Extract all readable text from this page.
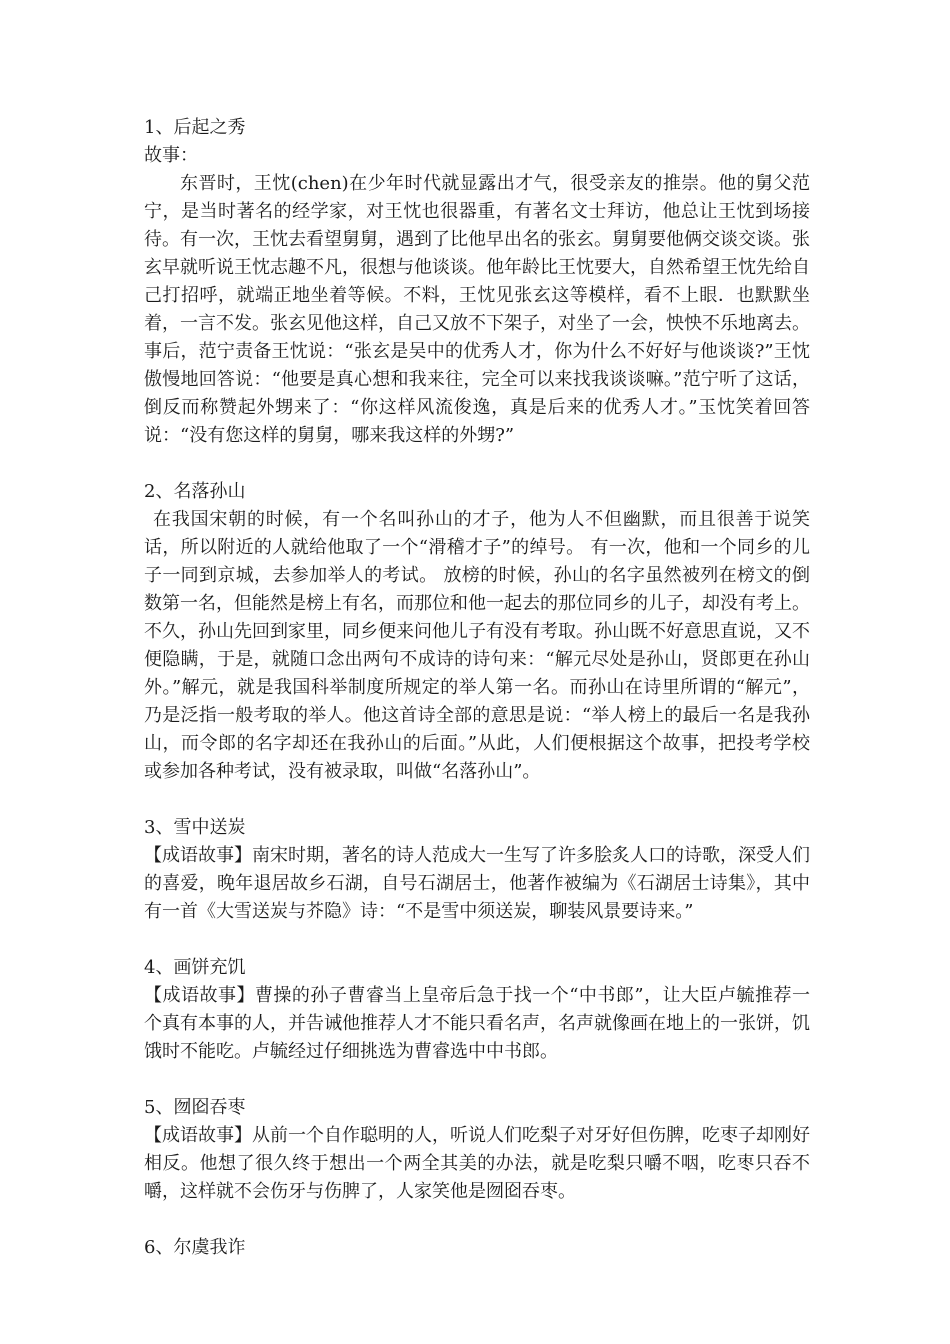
1、后起之秀

故事：

东晋时，王忱(chen)在少年时代就显露出才气，很受亲友的推崇。他的舅父范宁，是当时著名的经学家，对王忱也很器重，有著名文士拜访，他总让王忱到场接待。有一次，王忱去看望舅舅，遇到了比他早出名的张玄。舅舅要他俩交谈交谈。张玄早就听说王忱志趣不凡，很想与他谈谈。他年龄比王忱要大，自然希望王忱先给自己打招呼，就端正地坐着等候。不料，王忱见张玄这等模样，看不上眼．也默默坐着，一言不发。张玄见他这样，自己又放不下架子，对坐了一会，怏怏不乐地离去。事后，范宁责备王忱说：“张玄是吴中的优秀人才，你为什么不好好与他谈谈?”王忱傲慢地回答说：“他要是真心想和我来往，完全可以来找我谈谈嘛。”范宁听了这话，倒反而称赞起外甥来了：“你这样风流俊逸，真是后来的优秀人才。”玉忱笑着回答说：“没有您这样的舅舅，哪来我这样的外甥?”

2、名落孙山

在我国宋朝的时候，有一个名叫孙山的才子，他为人不但幽默，而且很善于说笑话，所以附近的人就给他取了一个“滑稽才子”的绰号。 有一次，他和一个同乡的儿子一同到京城，去参加举人的考试。 放榜的时候，孙山的名字虽然被列在榜文的倒数第一名，但能然是榜上有名，而那位和他一起去的那位同乡的儿子，却没有考上。 不久，孙山先回到家里，同乡便来问他儿子有没有考取。孙山既不好意思直说，又不便隐瞒，于是，就随口念出两句不成诗的诗句来：“解元尽处是孙山，贤郎更在孙山外。”解元，就是我国科举制度所规定的举人第一名。而孙山在诗里所谓的“解元”，乃是泛指一般考取的举人。他这首诗全部的意思是说：“举人榜上的最后一名是我孙山，而令郎的名字却还在我孙山的后面。”从此，人们便根据这个故事，把投考学校或参加各种考试，没有被录取，叫做“名落孙山”。

3、雪中送炭

【成语故事】南宋时期，著名的诗人范成大一生写了许多脍炙人口的诗歌，深受人们的喜爱，晚年退居故乡石湖，自号石湖居士，他著作被编为《石湖居士诗集》，其中有一首《大雪送炭与芥隐》诗：“不是雪中须送炭，聊装风景要诗来。”

4、画饼充饥

【成语故事】曹操的孙子曹睿当上皇帝后急于找一个“中书郎”，让大臣卢毓推荐一个真有本事的人，并告诫他推荐人才不能只看名声，名声就像画在地上的一张饼，饥饿时不能吃。卢毓经过仔细挑选为曹睿选中中书郎。

5、囫囵吞枣

【成语故事】从前一个自作聪明的人，听说人们吃梨子对牙好但伤脾，吃枣子却刚好相反。他想了很久终于想出一个两全其美的办法，就是吃梨只嚼不咽，吃枣只吞不嚼，这样就不会伤牙与伤脾了，人家笑他是囫囵吞枣。

6、尔虞我诈
